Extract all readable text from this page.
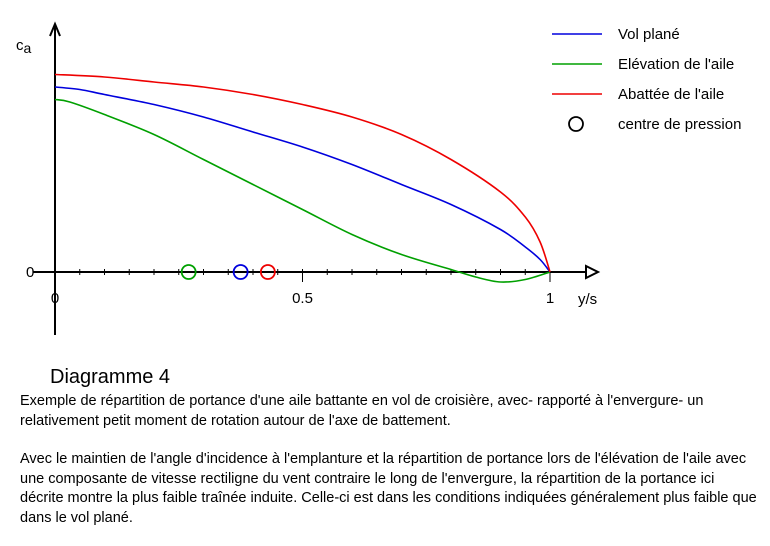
0	0.5	1
0
ca
y/s
Vol plané
Elévation de l'aile
Abattée de l'aile
centre de pression
Diagramme 4

Exemple de répartition de portance d'une aile battante en vol de croisière, avec- rapporté à l'envergure- un relativement petit moment de rotation autour de l'axe de battement.

Avec le maintien de l'angle d'incidence à l'emplanture et la répartition de portance lors de l'élévation de l'aile avec une composante de vitesse rectiligne du vent contraire le long de l'envergure, la répartition de la portance ici décrite montre la plus faible traînée induite. Celle-ci est dans les conditions indiquées généralement plus faible que dans le vol plané.
